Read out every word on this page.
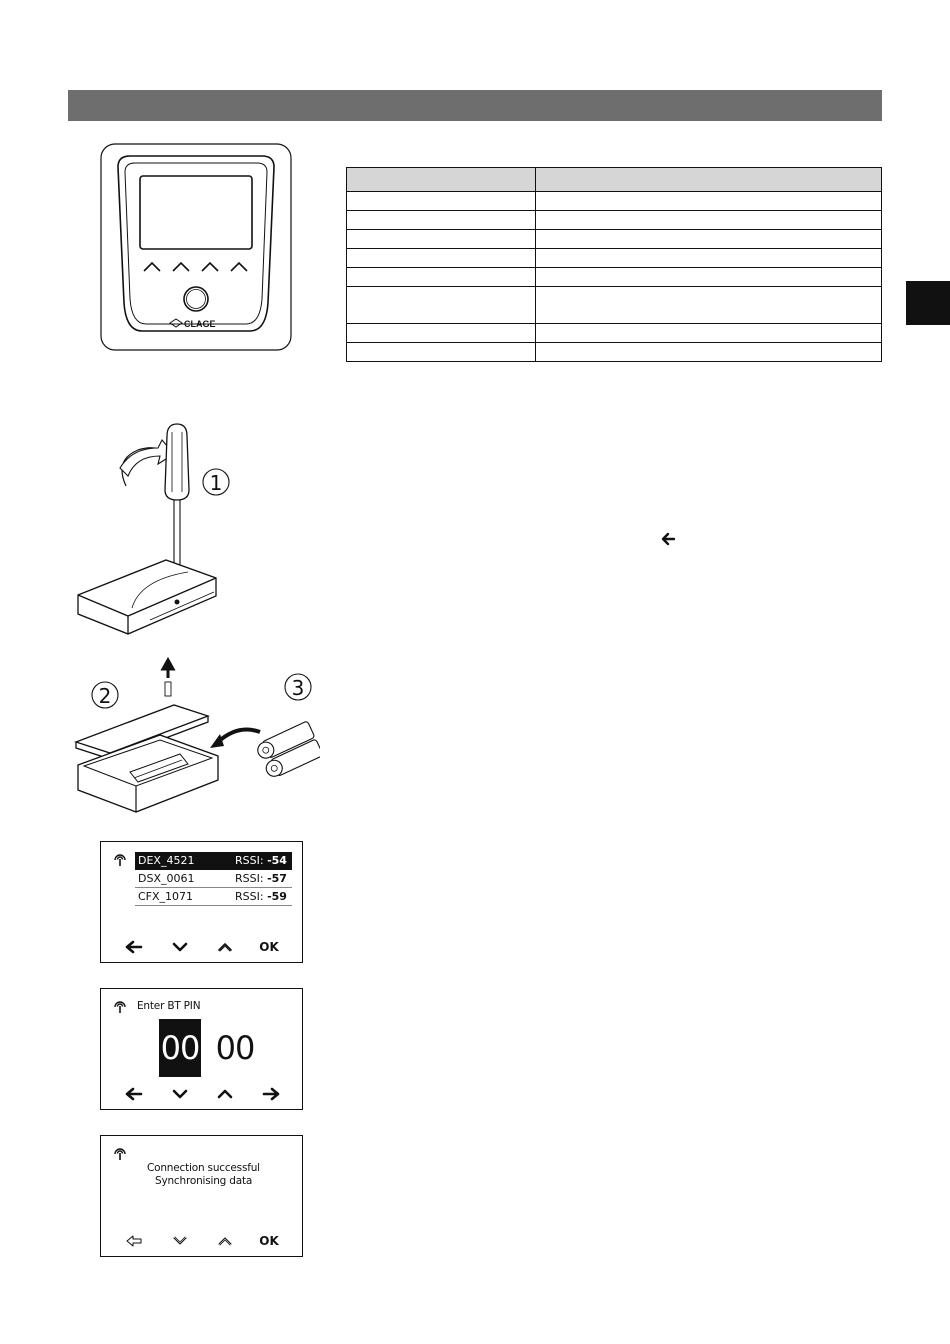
CLAGE

1
2	3
DEX_4521	RSSI: -54
DSX_0061	RSSI: -57
CFX_1071	RSSI: -59
OK
Enter BT PIN
00 00
Connection successful
Synchronising data
OK
